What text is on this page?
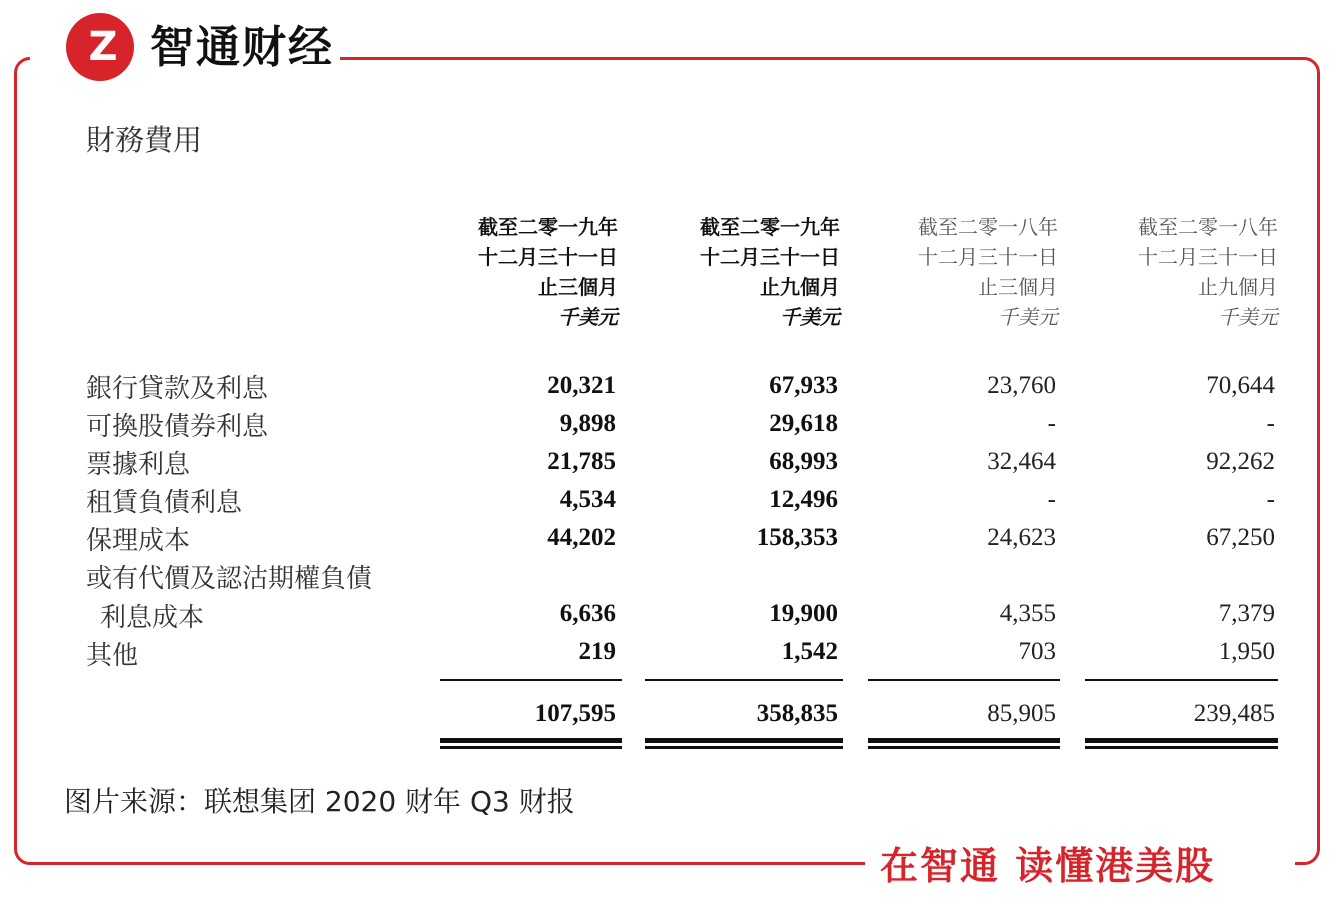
Z 智通财经
財務費用
截至二零一九年
十二月三十一日
止三個月
千美元
截至二零一九年
十二月三十一日
止九個月
千美元
截至二零一八年
十二月三十一日
止三個月
千美元
截至二零一八年
十二月三十一日
止九個月
千美元
銀行貸款及利息
可換股債券利息
票據利息
租賃負債利息
保理成本
或有代價及認沽期權負債
利息成本
其他
20,321
9,898
21,785
4,534
44,202
6,636
219
107,595
67,933
29,618
68,993
12,496
158,353
19,900
1,542
358,835
23,760
-
32,464
-
24,623
4,355
703
85,905
70,644
-
92,262
-
67,250
7,379
1,950
239,485
图片来源：联想集团 2020 财年 Q3 财报
在智通 读懂港美股
